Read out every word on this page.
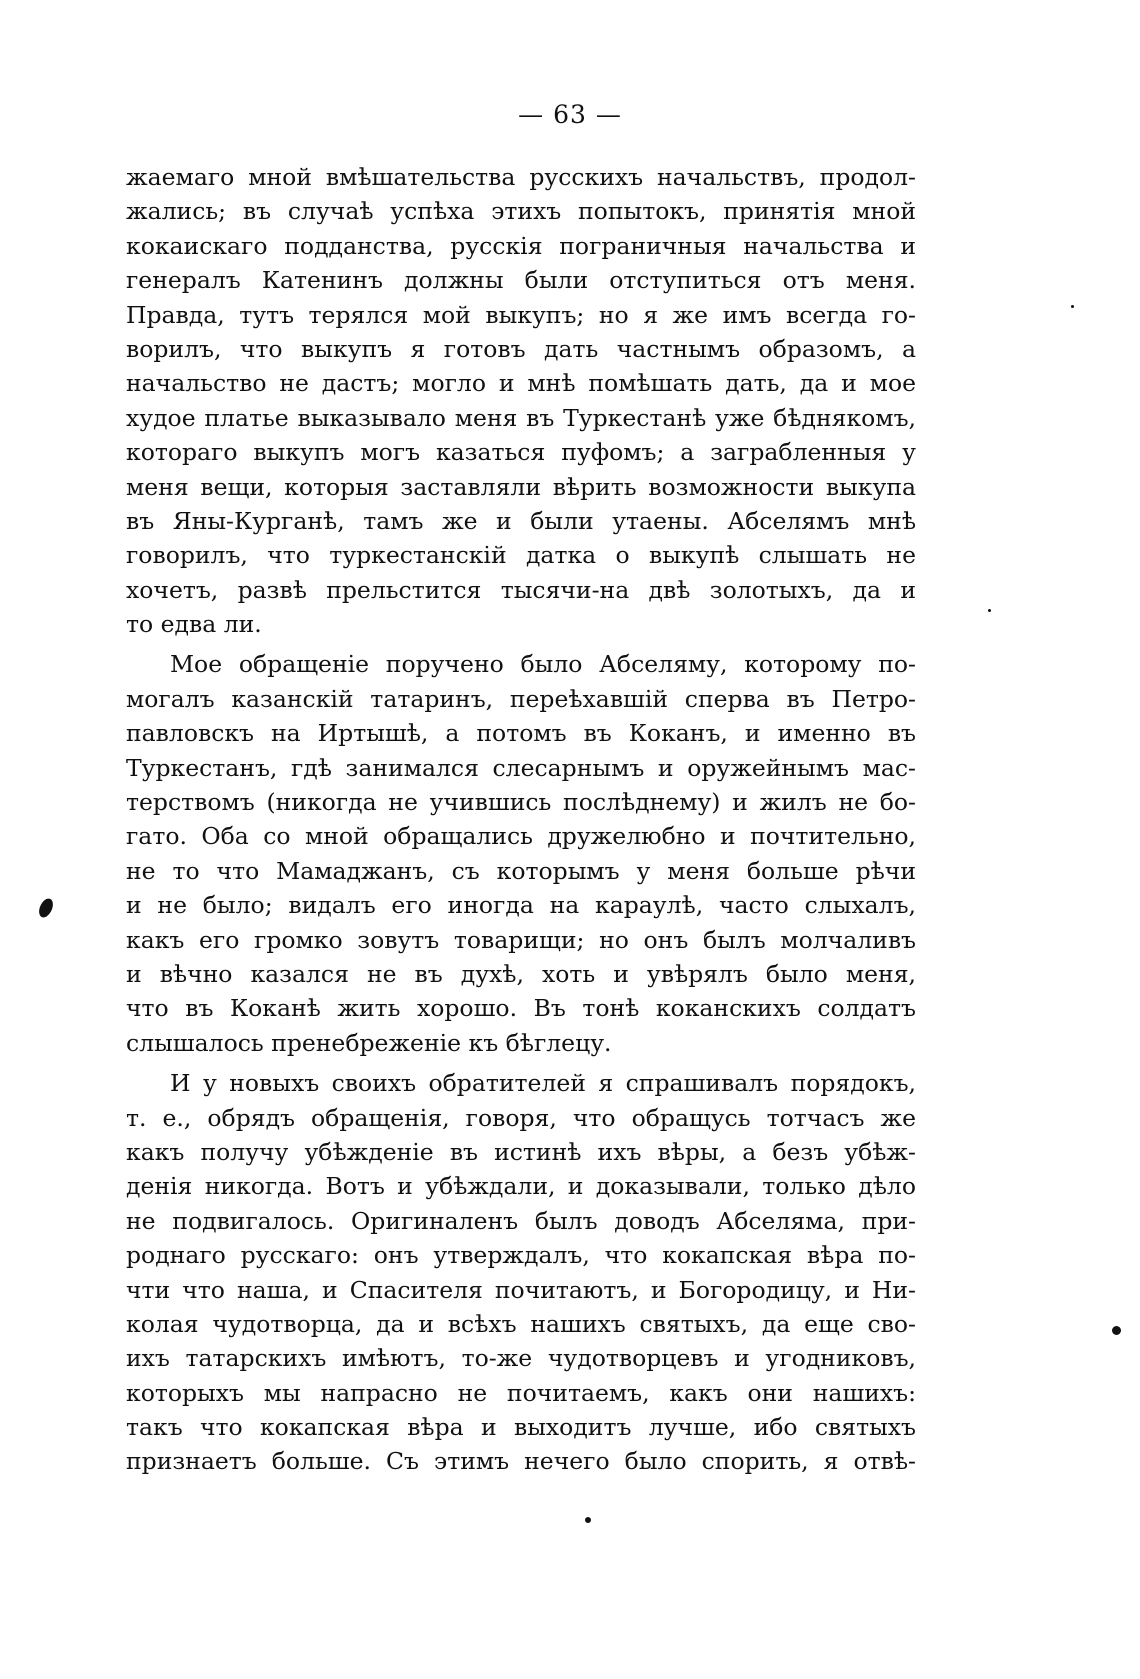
— 63 —
жаемаго мной вмѣшательства русскихъ начальствъ, продол-
жались; въ случаѣ успѣха этихъ попытокъ, принятія мной
кокаискаго подданства, русскія пограничныя начальства и
генералъ Катенинъ должны были отступиться отъ меня.
Правда, тутъ терялся мой выкупъ; но я же имъ всегда го-
ворилъ, что выкупъ я готовъ дать частнымъ образомъ, а
начальство не дастъ; могло и мнѣ помѣшать дать, да и мое
худое платье выказывало меня въ Туркестанѣ уже бѣднякомъ,
котораго выкупъ могъ казаться пуфомъ; а заграбленныя у
меня вещи, которыя заставляли вѣрить возможности выкупа
въ Яны-Курганѣ, тамъ же и были утаены. Абселямъ мнѣ
говорилъ, что туркестанскій датка о выкупѣ слышать не
хочетъ, развѣ прельстится тысячи-на двѣ золотыхъ, да и
то едва ли.
Мое обращеніе поручено было Абселяму, которому по-
могалъ казанскій татаринъ, переѣхавшій сперва въ Петро-
павловскъ на Иртышѣ, а потомъ въ Коканъ, и именно въ
Туркестанъ, гдѣ занимался слесарнымъ и оружейнымъ мас-
терствомъ (никогда не учившись послѣднему) и жилъ не бо-
гато. Оба со мной обращались дружелюбно и почтительно,
не то что Мамаджанъ, съ которымъ у меня больше рѣчи
и не было; видалъ его иногда на караулѣ, часто слыхалъ,
какъ его громко зовутъ товарищи; но онъ былъ молчаливъ
и вѣчно казался не въ духѣ, хоть и увѣрялъ было меня,
что въ Коканѣ жить хорошо. Въ тонѣ коканскихъ солдатъ
слышалось пренебреженіе къ бѣглецу.
И у новыхъ своихъ обратителей я спрашивалъ порядокъ,
т. е., обрядъ обращенія, говоря, что обращусь тотчасъ же
какъ получу убѣжденіе въ истинѣ ихъ вѣры, а безъ убѣж-
денія никогда. Вотъ и убѣждали, и доказывали, только дѣло
не подвигалось. Оригиналенъ былъ доводъ Абселяма, при-
роднаго русскаго: онъ утверждалъ, что кокапская вѣра по-
чти что наша, и Спасителя почитаютъ, и Богородицу, и Ни-
колая чудотворца, да и всѣхъ нашихъ святыхъ, да еще сво-
ихъ татарскихъ имѣютъ, то-же чудотворцевъ и угодниковъ,
которыхъ мы напрасно не почитаемъ, какъ они нашихъ:
такъ что кокапская вѣра и выходитъ лучше, ибо святыхъ
признаетъ больше. Съ этимъ нечего было спорить, я отвѣ-
